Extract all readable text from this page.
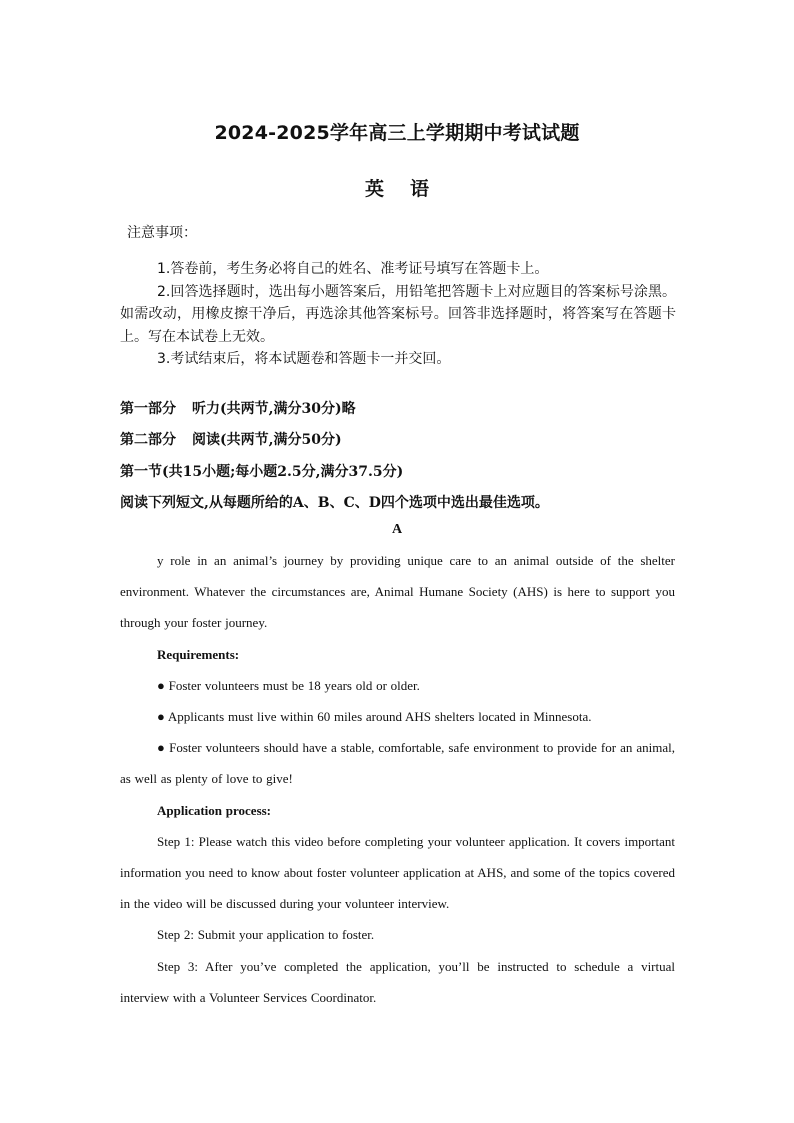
2024-2025学年高三上学期期中考试试题
英语
注意事项：

1.答卷前，考生务必将自己的姓名、准考证号填写在答题卡上。

2.回答选择题时，选出每小题答案后，用铅笔把答题卡上对应题目的答案标号涂黑。如需改动，用橡皮擦干净后，再选涂其他答案标号。回答非选择题时，将答案写在答题卡上。写在本试卷上无效。

3.考试结束后，将本试题卷和答题卡一并交回。

第一部分 听力(共两节,满分30分)略
第二部分 阅读(共两节,满分50分)
第一节(共15小题;每小题2.5分,满分37.5分)
阅读下列短文,从每题所给的A、B、C、D四个选项中选出最佳选项。
A

y role in an animal’s journey by providing unique care to an animal outside of the shelter environment. Whatever the circumstances are, Animal Humane Society (AHS) is here to support you through your foster journey.

Requirements:

● Foster volunteers must be 18 years old or older.

● Applicants must live within 60 miles around AHS shelters located in Minnesota.

● Foster volunteers should have a stable, comfortable, safe environment to provide for an animal, as well as plenty of love to give!

Application process:

Step 1: Please watch this video before completing your volunteer application. It covers important information you need to know about foster volunteer application at AHS, and some of the topics covered in the video will be discussed during your volunteer interview.

Step 2: Submit your application to foster.

Step 3: After you’ve completed the application, you’ll be instructed to schedule a virtual interview with a Volunteer Services Coordinator.
